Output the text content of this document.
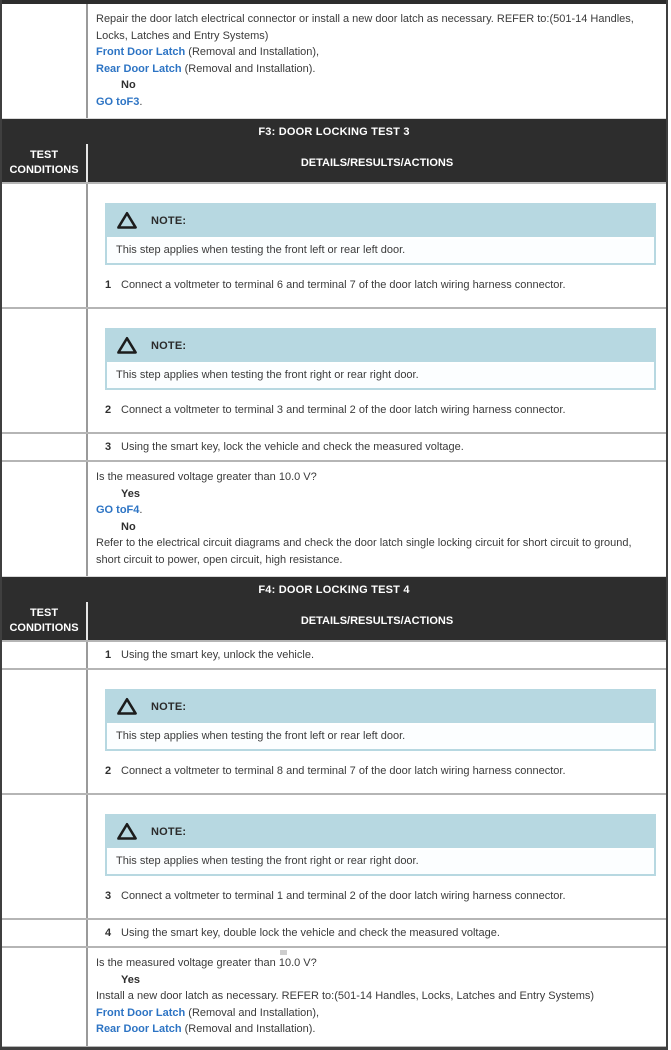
Repair the door latch electrical connector or install a new door latch as necessary. REFER to:(501-14 Handles, Locks, Latches and Entry Systems)

Front Door Latch (Removal and Installation),

Rear Door Latch (Removal and Installation).

No

GO toF3.

F3: DOOR LOCKING TEST 3
TEST CONDITIONS
DETAILS/RESULTS/ACTIONS
NOTE:
This step applies when testing the front left or rear left door.
1 Connect a voltmeter to terminal 6 and terminal 7 of the door latch wiring harness connector.
NOTE:
This step applies when testing the front right or rear right door.
2 Connect a voltmeter to terminal 3 and terminal 2 of the door latch wiring harness connector.
3 Using the smart key, lock the vehicle and check the measured voltage.

Is the measured voltage greater than 10.0 V?

Yes

GO toF4.

No

Refer to the electrical circuit diagrams and check the door latch single locking circuit for short circuit to ground, short circuit to power, open circuit, high resistance.

F4: DOOR LOCKING TEST 4
TEST CONDITIONS
DETAILS/RESULTS/ACTIONS
1 Using the smart key, unlock the vehicle.
NOTE:
This step applies when testing the front left or rear left door.
2 Connect a voltmeter to terminal 8 and terminal 7 of the door latch wiring harness connector.
NOTE:
This step applies when testing the front right or rear right door.
3 Connect a voltmeter to terminal 1 and terminal 2 of the door latch wiring harness connector.
4 Using the smart key, double lock the vehicle and check the measured voltage.

Is the measured voltage greater than 10.0 V?

Yes

Install a new door latch as necessary. REFER to:(501-14 Handles, Locks, Latches and Entry Systems)

Front Door Latch (Removal and Installation),

Rear Door Latch (Removal and Installation).
